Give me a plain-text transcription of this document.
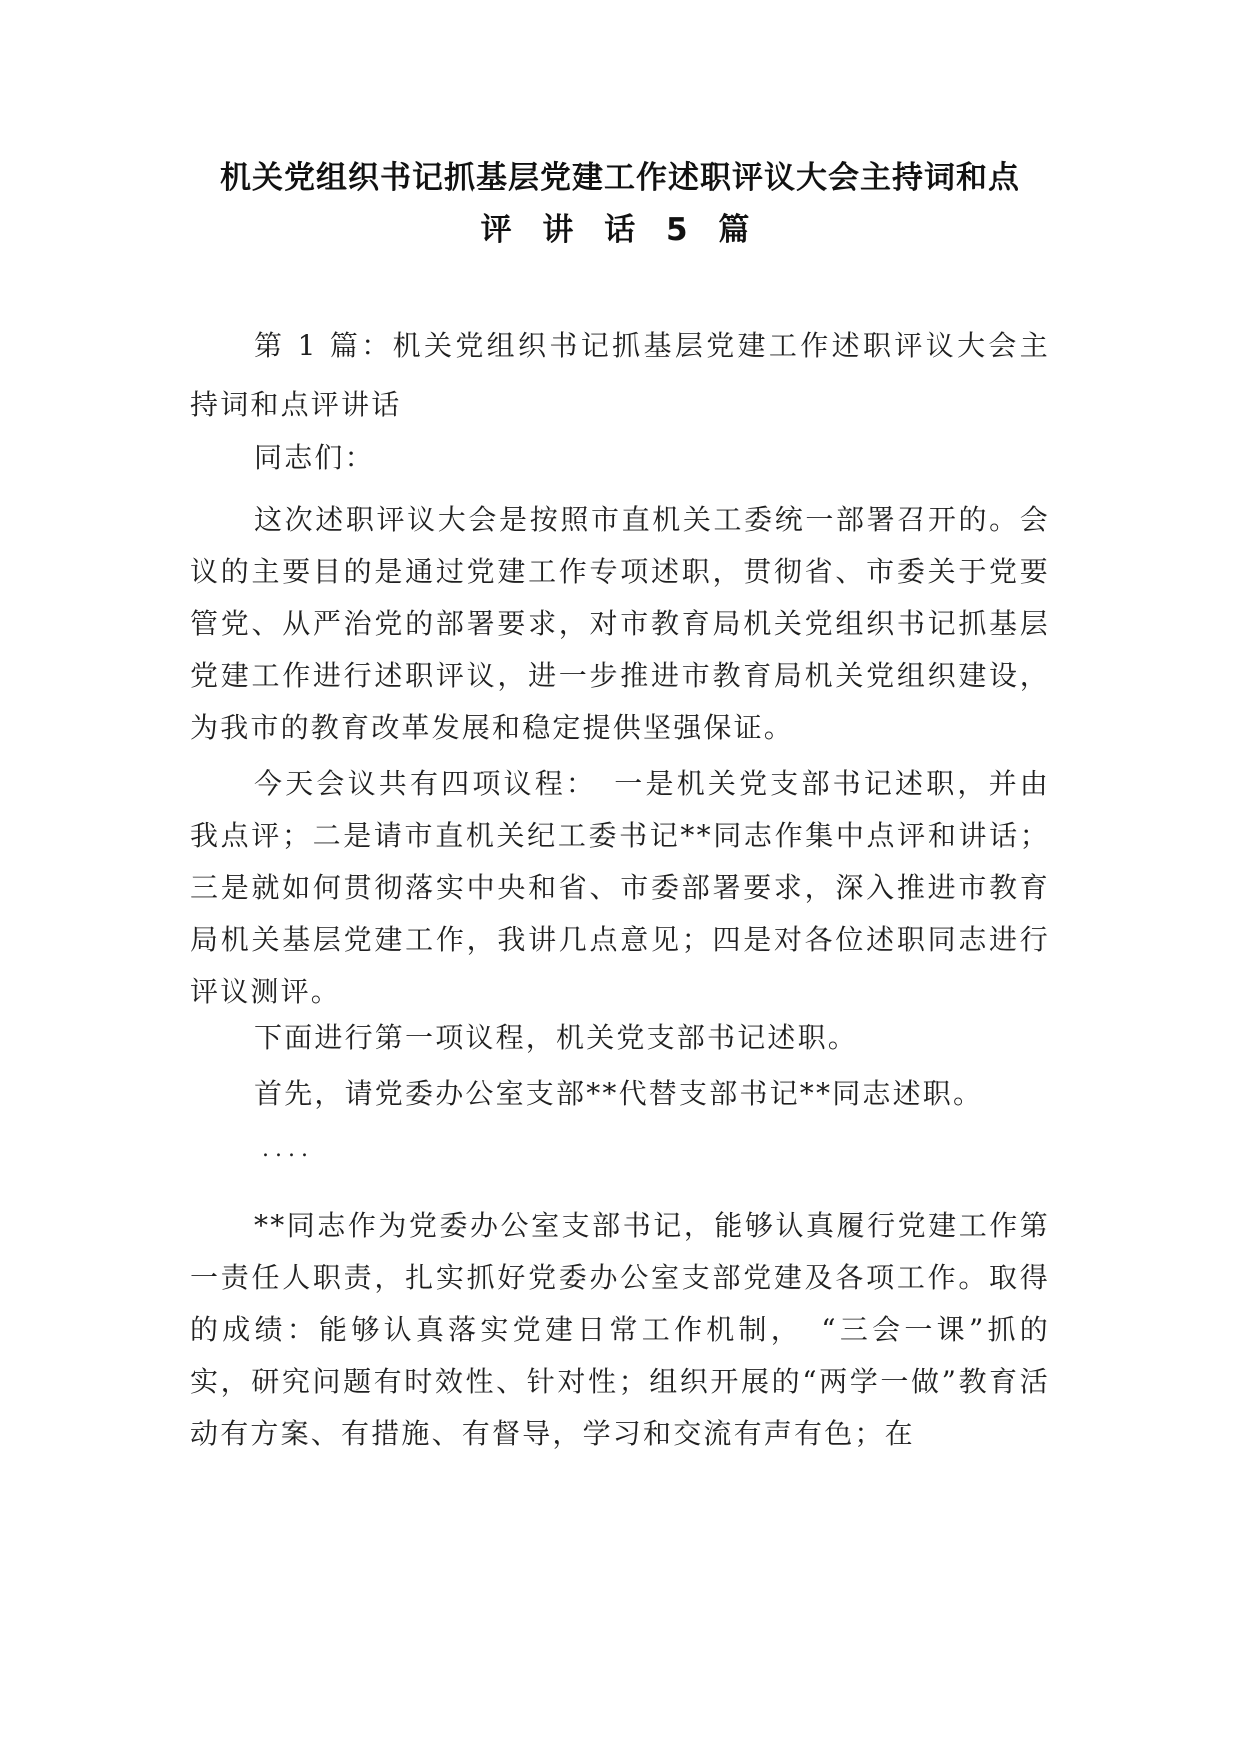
机关党组织书记抓基层党建工作述职评议大会主持词和点
评 讲 话 5 篇

第 1 篇：机关党组织书记抓基层党建工作述职评议大会主持词和点评讲话

同志们：

这次述职评议大会是按照市直机关工委统一部署召开的。会议的主要目的是通过党建工作专项述职，贯彻省、市委关于党要管党、从严治党的部署要求，对市教育局机关党组织书记抓基层党建工作进行述职评议，进一步推进市教育局机关党组织建设，为我市的教育改革发展和稳定提供坚强保证。

今天会议共有四项议程：　一是机关党支部书记述职，并由我点评；二是请市直机关纪工委书记**同志作集中点评和讲话；三是就如何贯彻落实中央和省、市委部署要求，深入推进市教育局机关基层党建工作，我讲几点意见；四是对各位述职同志进行评议测评。

下面进行第一项议程，机关党支部书记述职。

首先，请党委办公室支部**代替支部书记**同志述职。

....

**同志作为党委办公室支部书记，能够认真履行党建工作第一责任人职责，扎实抓好党委办公室支部党建及各项工作。取得的成绩：能够认真落实党建日常工作机制，　“三会一课”抓的实，研究问题有时效性、针对性；组织开展的“两学一做”教育活动有方案、有措施、有督导，学习和交流有声有色；在
